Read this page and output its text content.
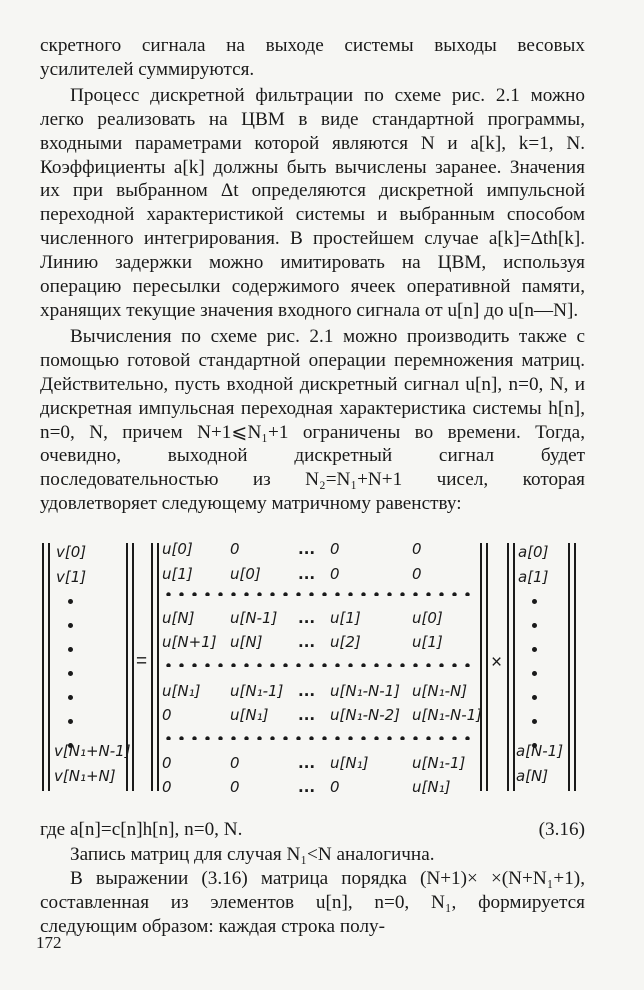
скретного сигнала на выходе системы выходы весовых усилителей суммируются.

Процесс дискретной фильтрации по схеме рис. 2.1 можно легко реализовать на ЦВМ в виде стандартной программы, входными параметрами которой являются N и a[k], k=1, N. Коэффициенты a[k] должны быть вычислены заранее. Значения их при выбранном Δt определяются дискретной импульсной переходной характеристикой системы и выбранным способом численного интегрирования. В простейшем случае a[k]=Δth[k]. Линию задержки можно имитировать на ЦВМ, используя операцию пересылки содержимого ячеек оперативной памяти, хранящих текущие значения входного сигнала от u[n] до u[n—N].

Вычисления по схеме рис. 2.1 можно производить также с помощью готовой стандартной операции перемножения матриц. Действительно, пусть входной дискретный сигнал u[n], n=0, N, и дискретная импульсная переходная характеристика системы h[n], n=0, N, причем N+1⩽N₁+1 ограничены во времени. Тогда, очевидно, выходной дискретный сигнал будет последовательностью из N₂=N₁+N+1 чисел, которая удовлетворяет следующему матричному равенству:

v[0]
v[1]
v[N₁+N-1]
v[N₁+N]
=
u[0] 0	... 0	0
u[1] u[0] ... 0	0
u[N] u[N-1] ... u[1]	u[0]
u[N+1] u[N] ... u[2]	u[1]
u[N₁] u[N₁-1] ... u[N₁-N-1] u[N₁-N]
0	u[N₁] ... u[N₁-N-2] u[N₁-N-1]
0	0	... u[N₁]	u[N₁-1]
0	0	... 0	u[N₁]
×
a[0]
a[1]
a[N-1]
a[N]
где a[n]=c[n]h[n], n=0, N.	(3.16)

Запись матриц для случая N₁<N аналогична.

В выражении (3.16) матрица порядка (N+1)× ×(N+N₁+1), составленная из элементов u[n], n=0, N₁, формируется следующим образом: каждая строка полу-

172
